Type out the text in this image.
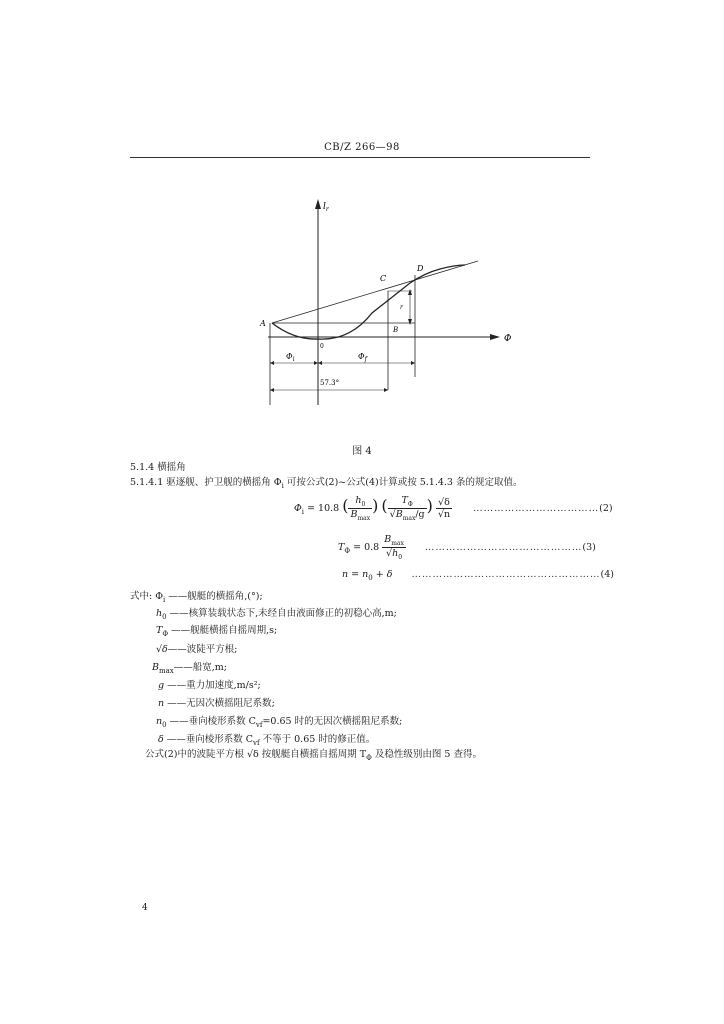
CB/Z 266—98
$l_r$
Φ
A
B
C
D
0
r
$\Phi_i$	$\Phi_f$
57.3°
图 4
5.1.4 横摇角
5.1.4.1 驱逐舰、护卫舰的横摇角 $\Phi_i$ 可按公式(2)~公式(4)计算或按 5.1.4.3 条的规定取值。
$\Phi_i = 10.8$ ( $\frac{h_0}{B_{max}}$ ) ( $\frac{T_\Phi}{√B_{max}/g}$ ) $\frac{√\delta}{√n}$ ………………………………(2)
$T_\Phi = 0.8 \frac{B_{max}}{√h_0}$ ………………………………………(3)
$n = n_0 + \delta$ ………………………………………………(4)
式中: $\Phi_i$ ——舰艇的横摇角,(°);
$h_0$ ——核算装载状态下,未经自由液面修正的初稳心高,m;
$T_\Phi$ ——舰艇横摇自摇周期,s;
√δ——波陡平方根;
$B_{max}——$船宽,m;
g ——重力加速度,m/s²;
n ——无因次横摇阻尼系数;
$n_0$ ——垂向棱形系数 $C_{vf}=0.65$ 时的无因次横摇阻尼系数;
δ ——垂向棱形系数 $C_{vf}$ 不等于 0.65 时的修正值。
公式(2)中的波陡平方根 √δ 按舰艇自横摇自摇周期 $T_\Phi$ 及稳性级别由图 5 查得。
4
